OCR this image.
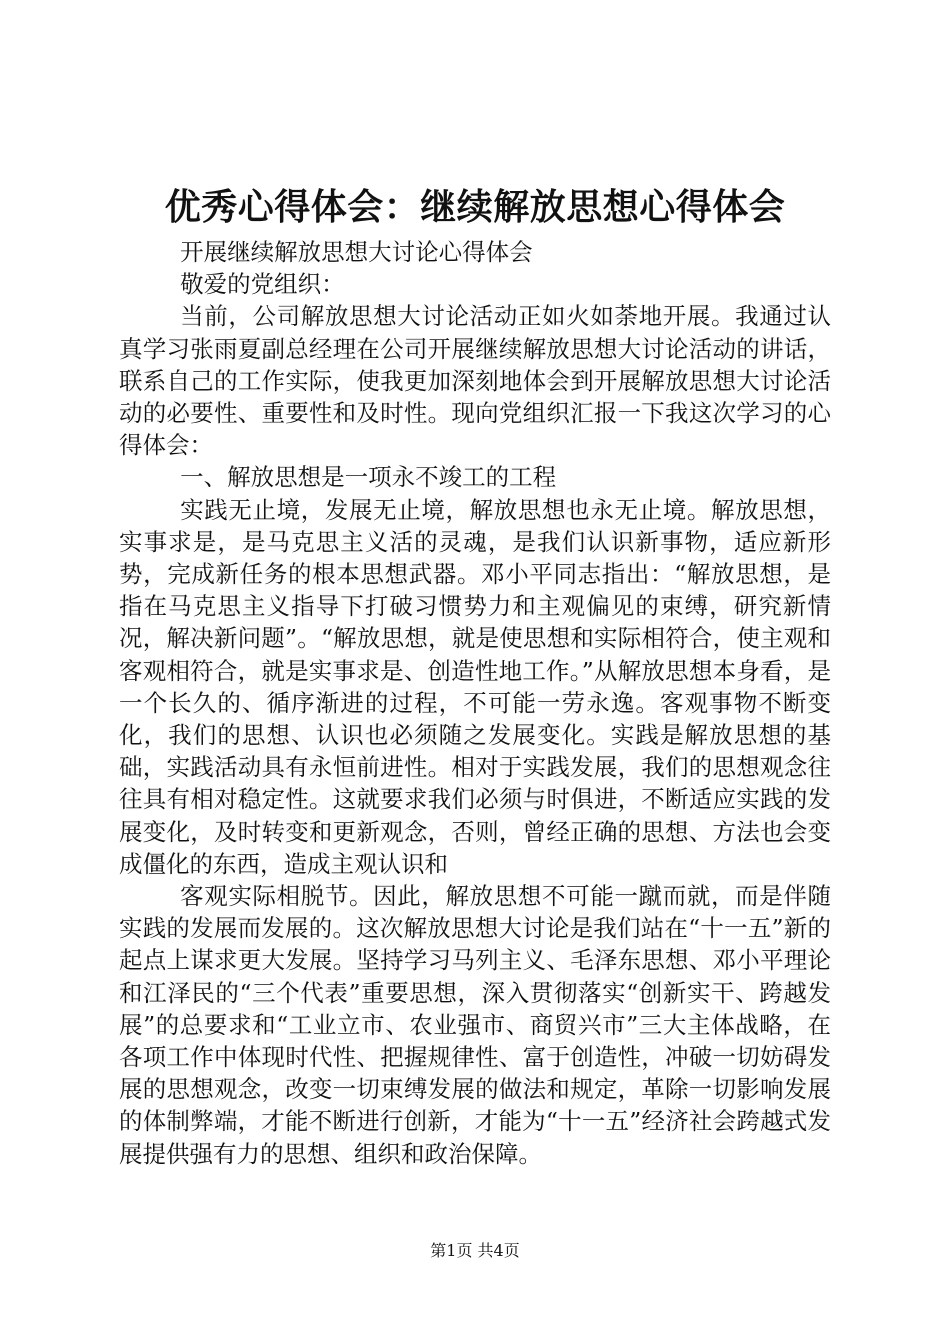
优秀心得体会：继续解放思想心得体会

开展继续解放思想大讨论心得体会

敬爱的党组织：

当前，公司解放思想大讨论活动正如火如荼地开展。我通过认真学习张雨夏副总经理在公司开展继续解放思想大讨论活动的讲话，联系自己的工作实际，使我更加深刻地体会到开展解放思想大讨论活动的必要性、重要性和及时性。现向党组织汇报一下我这次学习的心得体会：

一、解放思想是一项永不竣工的工程

实践无止境，发展无止境，解放思想也永无止境。解放思想，实事求是，是马克思主义活的灵魂，是我们认识新事物，适应新形势，完成新任务的根本思想武器。邓小平同志指出：“解放思想，是指在马克思主义指导下打破习惯势力和主观偏见的束缚，研究新情况，解决新问题”。“解放思想，就是使思想和实际相符合，使主观和客观相符合，就是实事求是、创造性地工作。”从解放思想本身看，是一个长久的、循序渐进的过程，不可能一劳永逸。客观事物不断变化，我们的思想、认识也必须随之发展变化。实践是解放思想的基础，实践活动具有永恒前进性。相对于实践发展，我们的思想观念往往具有相对稳定性。这就要求我们必须与时俱进，不断适应实践的发展变化，及时转变和更新观念，否则，曾经正确的思想、方法也会变成僵化的东西，造成主观认识和

客观实际相脱节。因此，解放思想不可能一蹴而就，而是伴随实践的发展而发展的。这次解放思想大讨论是我们站在“十一五”新的起点上谋求更大发展。坚持学习马列主义、毛泽东思想、邓小平理论和江泽民的“三个代表”重要思想，深入贯彻落实“创新实干、跨越发展”的总要求和“工业立市、农业强市、商贸兴市”三大主体战略，在各项工作中体现时代性、把握规律性、富于创造性，冲破一切妨碍发展的思想观念，改变一切束缚发展的做法和规定，革除一切影响发展的体制弊端，才能不断进行创新，才能为“十一五”经济社会跨越式发展提供强有力的思想、组织和政治保障。

第1页 共4页
